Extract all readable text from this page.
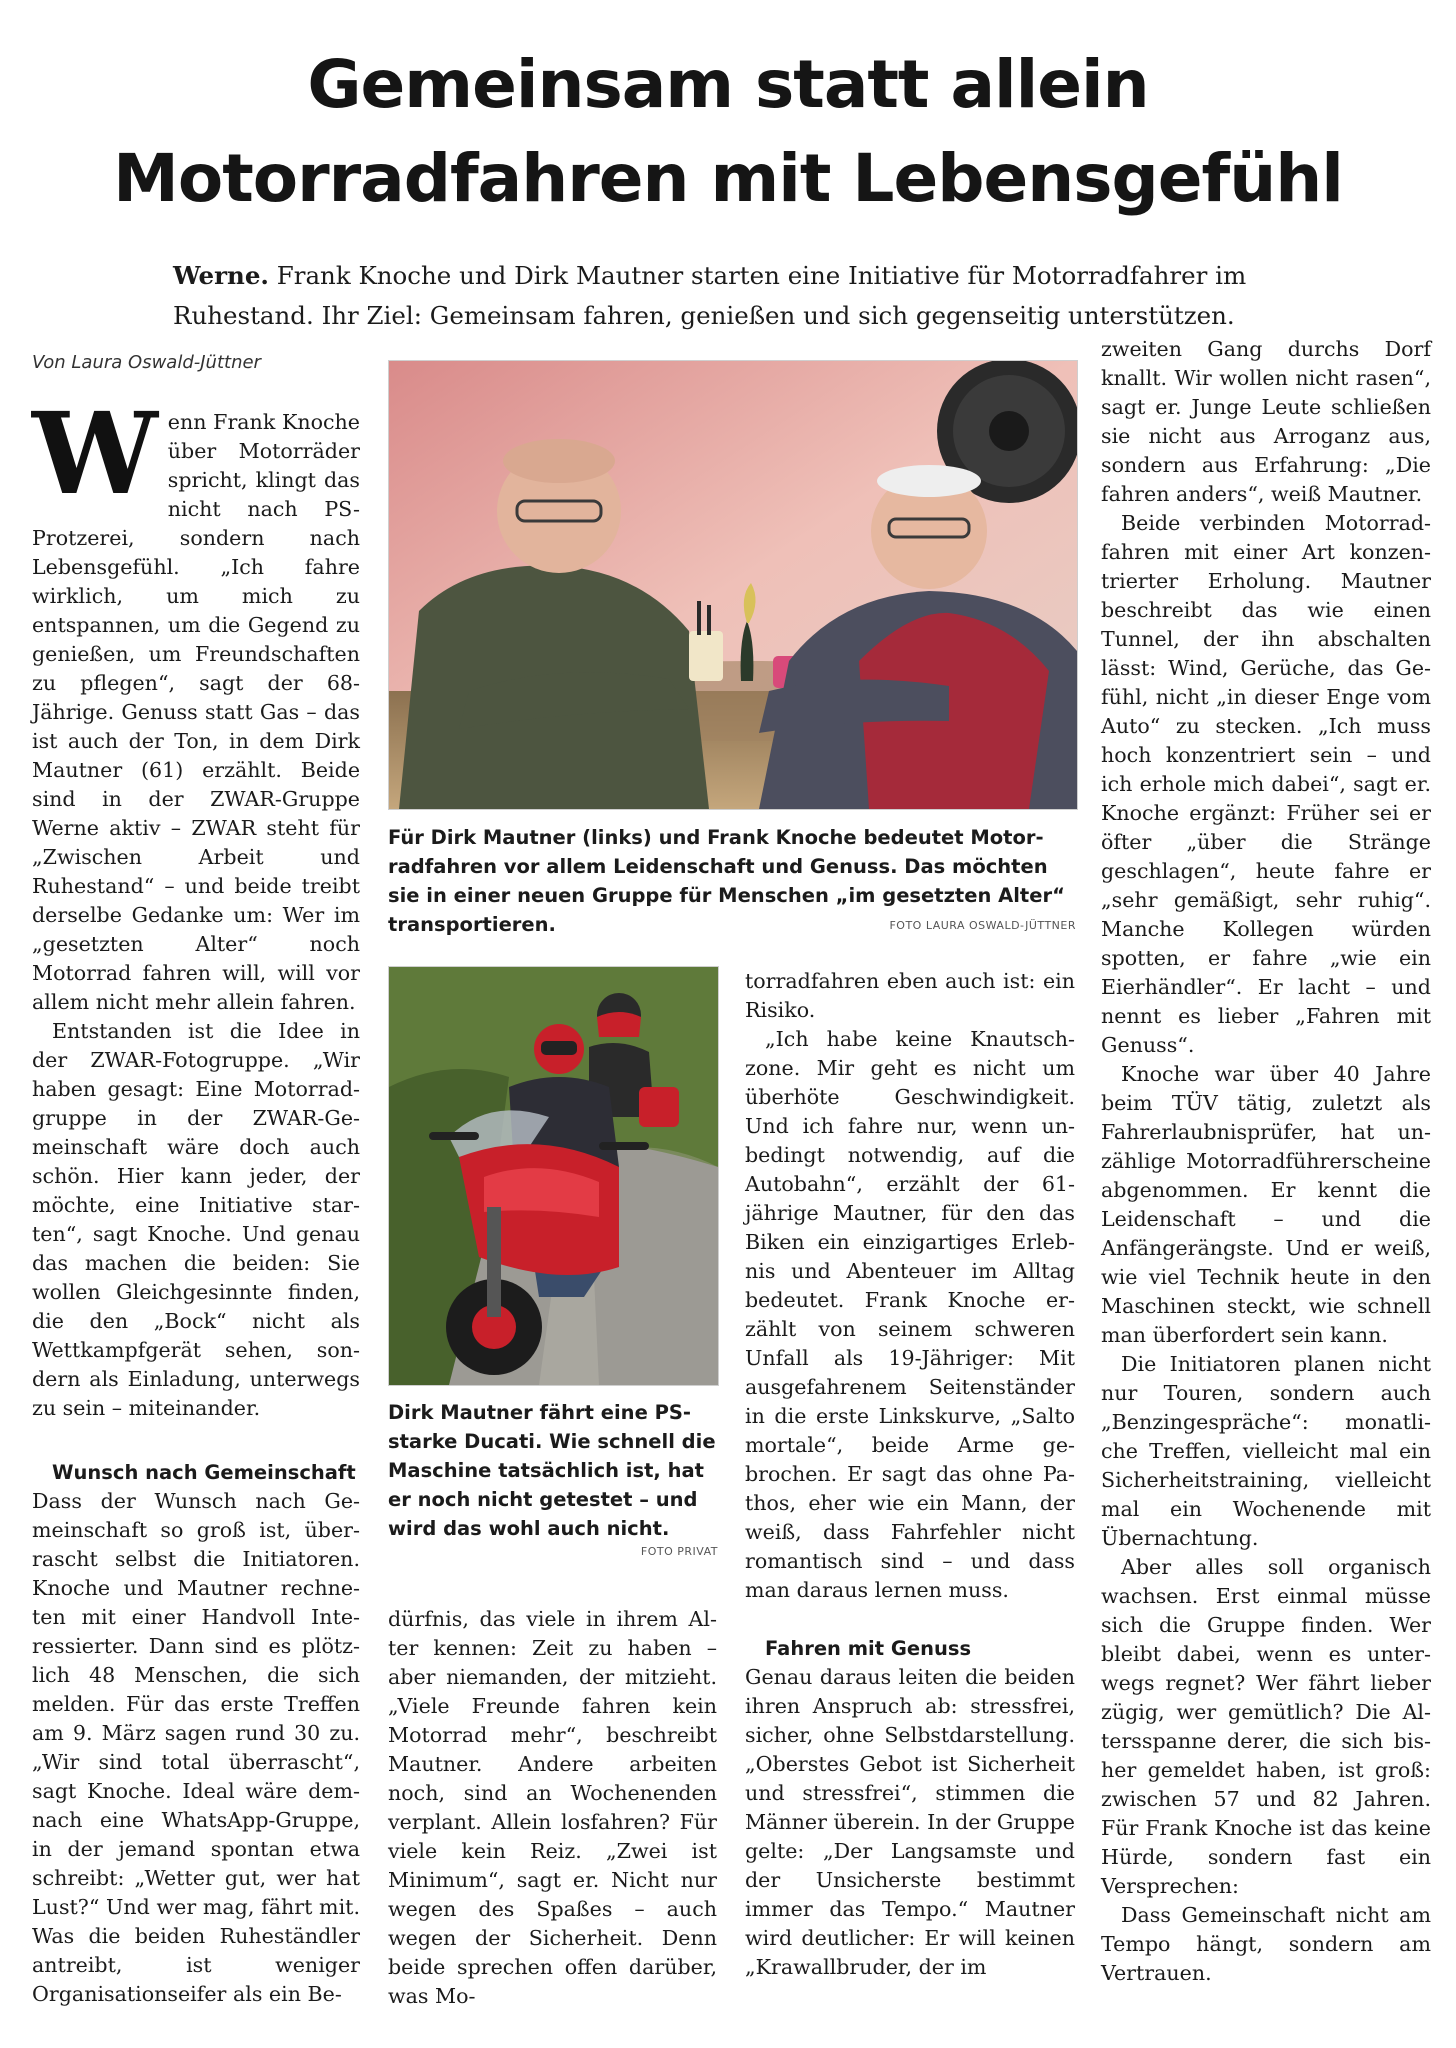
Gemeinsam statt allein
Motorradfahren mit Lebensgefühl

Werne. Frank Knoche und Dirk Mautner starten eine Initiative für Motorradfahrer im Ruhestand. Ihr Ziel: Gemeinsam fahren, genießen und sich gegenseitig unterstützen.

Von Laura Oswald-Jüttner

Wenn Frank Knoche über Motorräder spricht, klingt das nicht nach PS-Protzerei, sondern nach Lebensgefühl. „Ich fahre wirklich, um mich zu entspannen, um die Gegend zu genießen, um Freundschaften zu pflegen“, sagt der 68-Jährige. Genuss statt Gas – das ist auch der Ton, in dem Dirk Mautner (61) erzählt. Beide sind in der ZWAR-Gruppe Werne aktiv – ZWAR steht für „Zwischen Arbeit und Ruhestand“ – und beide treibt derselbe Gedanke um: Wer im „gesetzten Alter“ noch Motorrad fahren will, will vor allem nicht mehr allein fahren.

Entstanden ist die Idee in der ZWAR-Fotogruppe. „Wir haben gesagt: Eine Motorradgruppe in der ZWAR-Gemeinschaft wäre doch auch schön. Hier kann jeder, der möchte, eine Initiative starten“, sagt Knoche. Und genau das machen die beiden: Sie wollen Gleichgesinnte finden, die den „Bock“ nicht als Wettkampfgerät sehen, sondern als Einladung, unterwegs zu sein – miteinander.

Wunsch nach Gemeinschaft

Dass der Wunsch nach Gemeinschaft so groß ist, überrascht selbst die Initiatoren. Knoche und Mautner rechneten mit einer Handvoll Interessierter. Dann sind es plötzlich 48 Menschen, die sich melden. Für das erste Treffen am 9. März sagen rund 30 zu. „Wir sind total überrascht“, sagt Knoche. Ideal wäre demnach eine WhatsApp-Gruppe, in der jemand spontan etwa schreibt: „Wetter gut, wer hat Lust?“ Und wer mag, fährt mit. Was die beiden Ruheständler antreibt, ist weniger Organisationseifer als ein Be-

Für Dirk Mautner (links) und Frank Knoche bedeutet Motorradfahren vor allem Leidenschaft und Genuss. Das möchten sie in einer neuen Gruppe für Menschen „im gesetzten Alter“ transportieren.	FOTO LAURA OSWALD-JÜTTNER

Dirk Mautner fährt eine PSstarke Ducati. Wie schnell die Maschine tatsächlich ist, hat er noch nicht getestet – und wird das wohl auch nicht.

FOTO PRIVAT

dürfnis, das viele in ihrem Alter kennen: Zeit zu haben – aber niemanden, der mitzieht. „Viele Freunde fahren kein Motorrad mehr“, beschreibt Mautner. Andere arbeiten noch, sind an Wochenenden verplant. Allein losfahren? Für viele kein Reiz. „Zwei ist Minimum“, sagt er. Nicht nur wegen des Spaßes – auch wegen der Sicherheit. Denn beide sprechen offen darüber, was Mo-

torradfahren eben auch ist: ein Risiko.

„Ich habe keine Knautschzone. Mir geht es nicht um überhöte Geschwindigkeit. Und ich fahre nur, wenn unbedingt notwendig, auf die Autobahn“, erzählt der 61-jährige Mautner, für den das Biken ein einzigartiges Erlebnis und Abenteuer im Alltag bedeutet. Frank Knoche erzählt von seinem schweren Unfall als 19-Jähriger: Mit ausgefahrenem Seitenständer in die erste Linkskurve, „Salto mortale“, beide Arme gebrochen. Er sagt das ohne Pathos, eher wie ein Mann, der weiß, dass Fahrfehler nicht romantisch sind – und dass man daraus lernen muss.

Fahren mit Genuss

Genau daraus leiten die beiden ihren Anspruch ab: stressfrei, sicher, ohne Selbstdarstellung. „Oberstes Gebot ist Sicherheit und stressfrei“, stimmen die Männer überein. In der Gruppe gelte: „Der Langsamste und der Unsicherste bestimmt immer das Tempo.“ Mautner wird deutlicher: Er will keinen „Krawallbruder, der im

zweiten Gang durchs Dorf knallt. Wir wollen nicht rasen“, sagt er. Junge Leute schließen sie nicht aus Arroganz aus, sondern aus Erfahrung: „Die fahren anders“, weiß Mautner.

Beide verbinden Motorradfahren mit einer Art konzentrierter Erholung. Mautner beschreibt das wie einen Tunnel, der ihn abschalten lässt: Wind, Gerüche, das Gefühl, nicht „in dieser Enge vom Auto“ zu stecken. „Ich muss hoch konzentriert sein – und ich erhole mich dabei“, sagt er. Knoche ergänzt: Früher sei er öfter „über die Stränge geschlagen“, heute fahre er „sehr gemäßigt, sehr ruhig“. Manche Kollegen würden spotten, er fahre „wie ein Eierhändler“. Er lacht – und nennt es lieber „Fahren mit Genuss“.

Knoche war über 40 Jahre beim TÜV tätig, zuletzt als Fahrerlaubnisprüfer, hat unzählige Motorradführerscheine abgenommen. Er kennt die Leidenschaft – und die Anfängerängste. Und er weiß, wie viel Technik heute in den Maschinen steckt, wie schnell man überfordert sein kann.

Die Initiatoren planen nicht nur Touren, sondern auch „Benzingespräche“: monatliche Treffen, vielleicht mal ein Sicherheitstraining, vielleicht mal ein Wochenende mit Übernachtung.

Aber alles soll organisch wachsen. Erst einmal müsse sich die Gruppe finden. Wer bleibt dabei, wenn es unterwegs regnet? Wer fährt lieber zügig, wer gemütlich? Die Altersspanne derer, die sich bisher gemeldet haben, ist groß: zwischen 57 und 82 Jahren. Für Frank Knoche ist das keine Hürde, sondern fast ein Versprechen:

Dass Gemeinschaft nicht am Tempo hängt, sondern am Vertrauen.
